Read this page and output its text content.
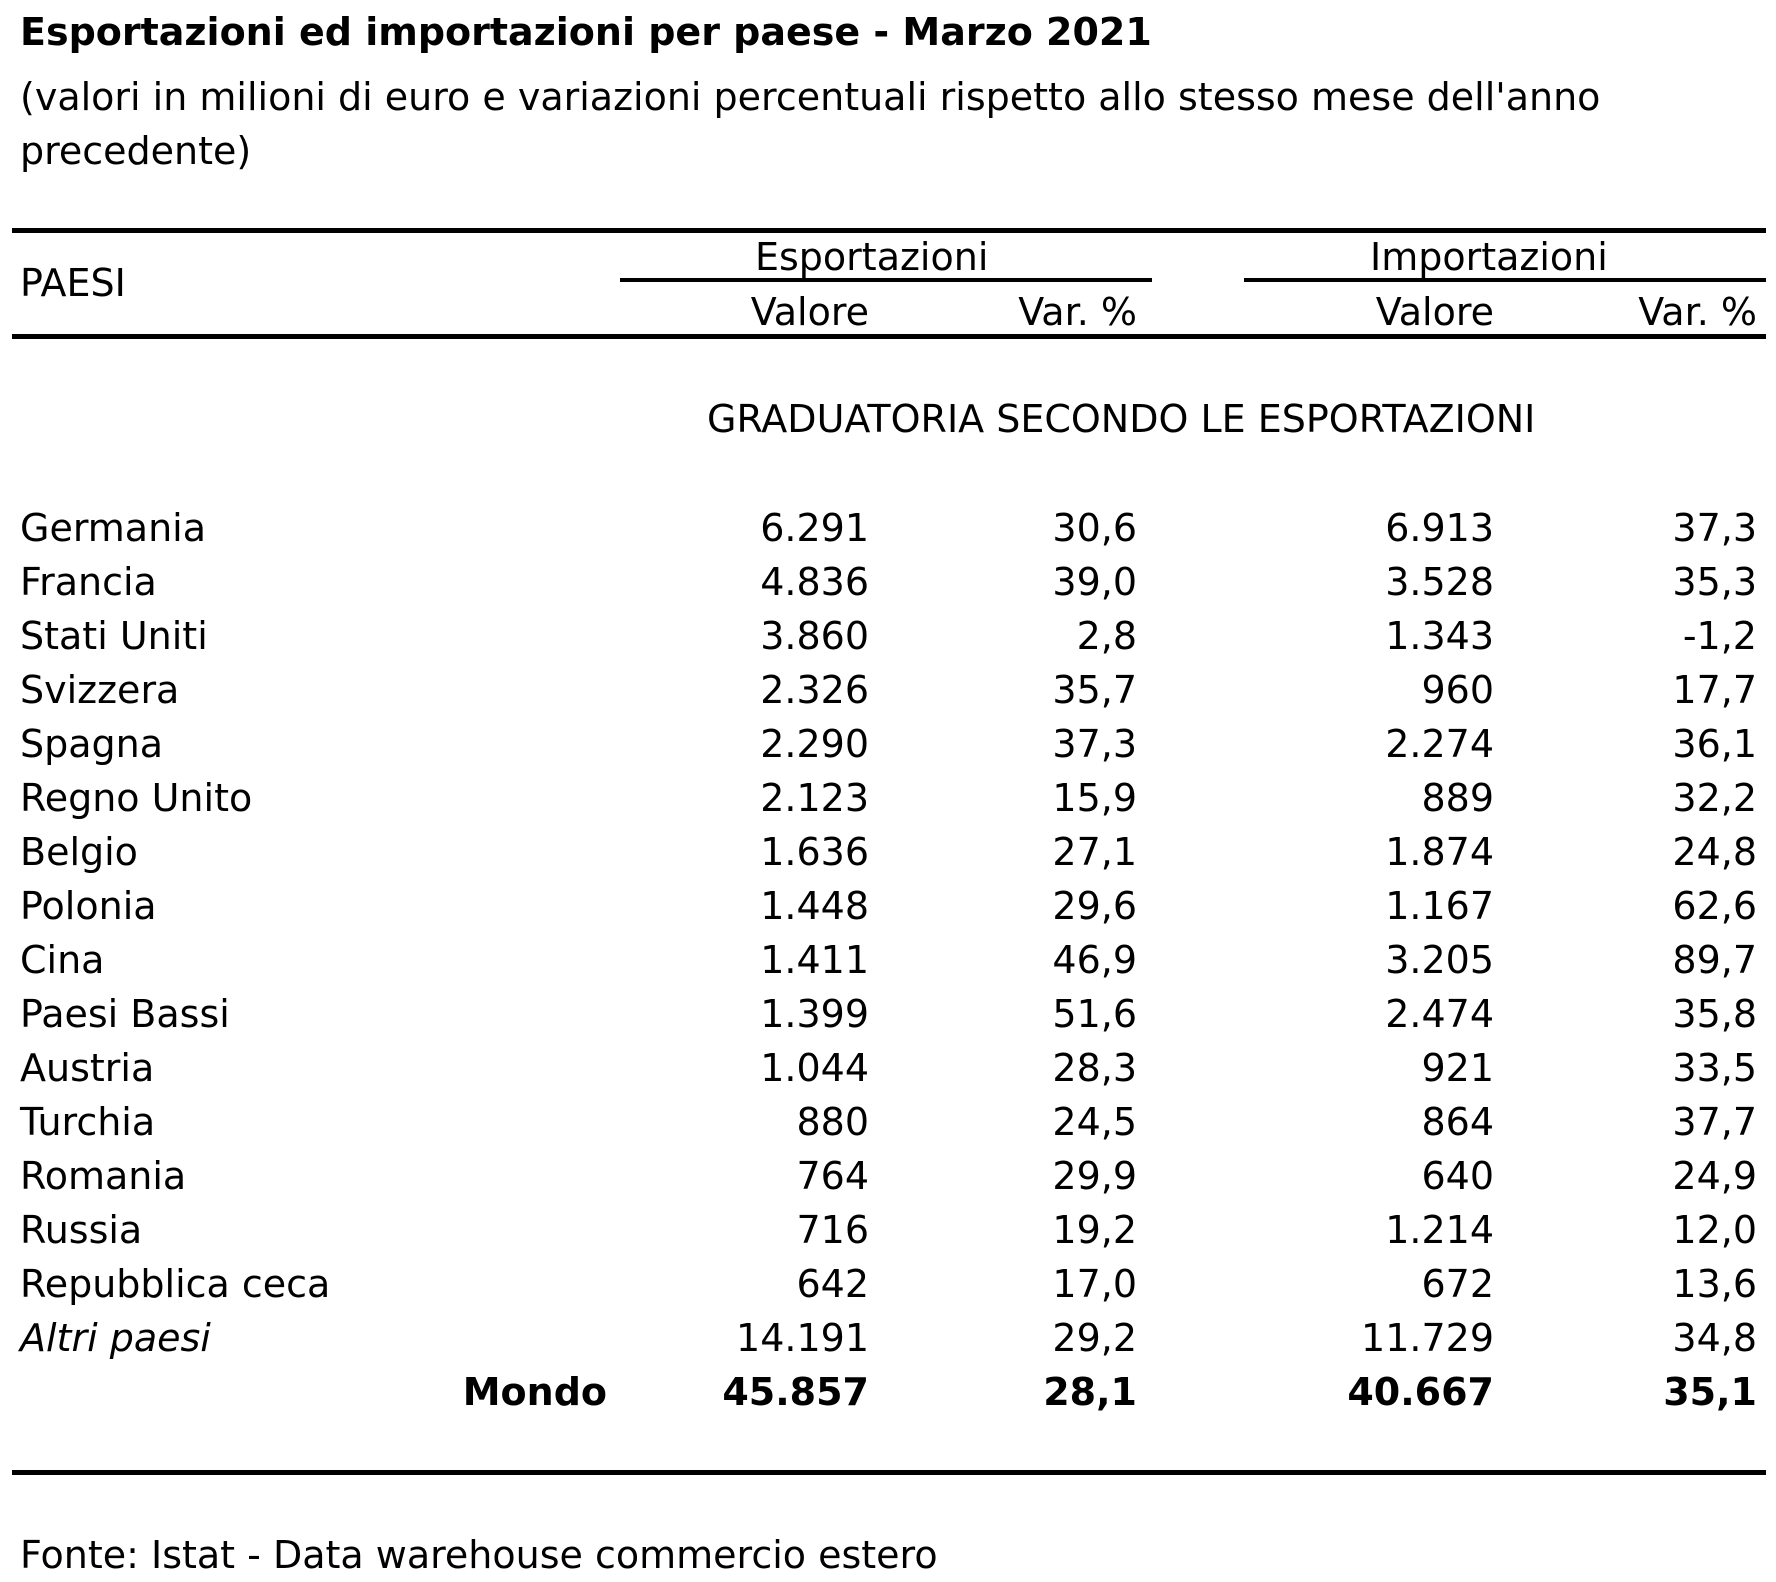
Esportazioni ed importazioni per paese - Marzo 2021
(valori in milioni di euro e variazioni percentuali rispetto allo stesso mese dell'anno precedente)
PAESI
Esportazioni	Importazioni
Valore	Var. %	Valore	Var. %
GRADUATORIA SECONDO LE ESPORTAZIONI
Germania	6.291	30,6	6.913	37,3
Francia	4.836	39,0	3.528	35,3
Stati Uniti	3.860	2,8	1.343	-1,2
Svizzera	2.326	35,7	960	17,7
Spagna	2.290	37,3	2.274	36,1
Regno Unito	2.123	15,9	889	32,2
Belgio	1.636	27,1	1.874	24,8
Polonia	1.448	29,6	1.167	62,6
Cina	1.411	46,9	3.205	89,7
Paesi Bassi	1.399	51,6	2.474	35,8
Austria	1.044	28,3	921	33,5
Turchia	880	24,5	864	37,7
Romania	764	29,9	640	24,9
Russia	716	19,2	1.214	12,0
Repubblica ceca	642	17,0	672	13,6
Altri paesi	14.191	29,2	11.729	34,8
Mondo	45.857	28,1	40.667	35,1
Fonte: Istat - Data warehouse commercio estero
